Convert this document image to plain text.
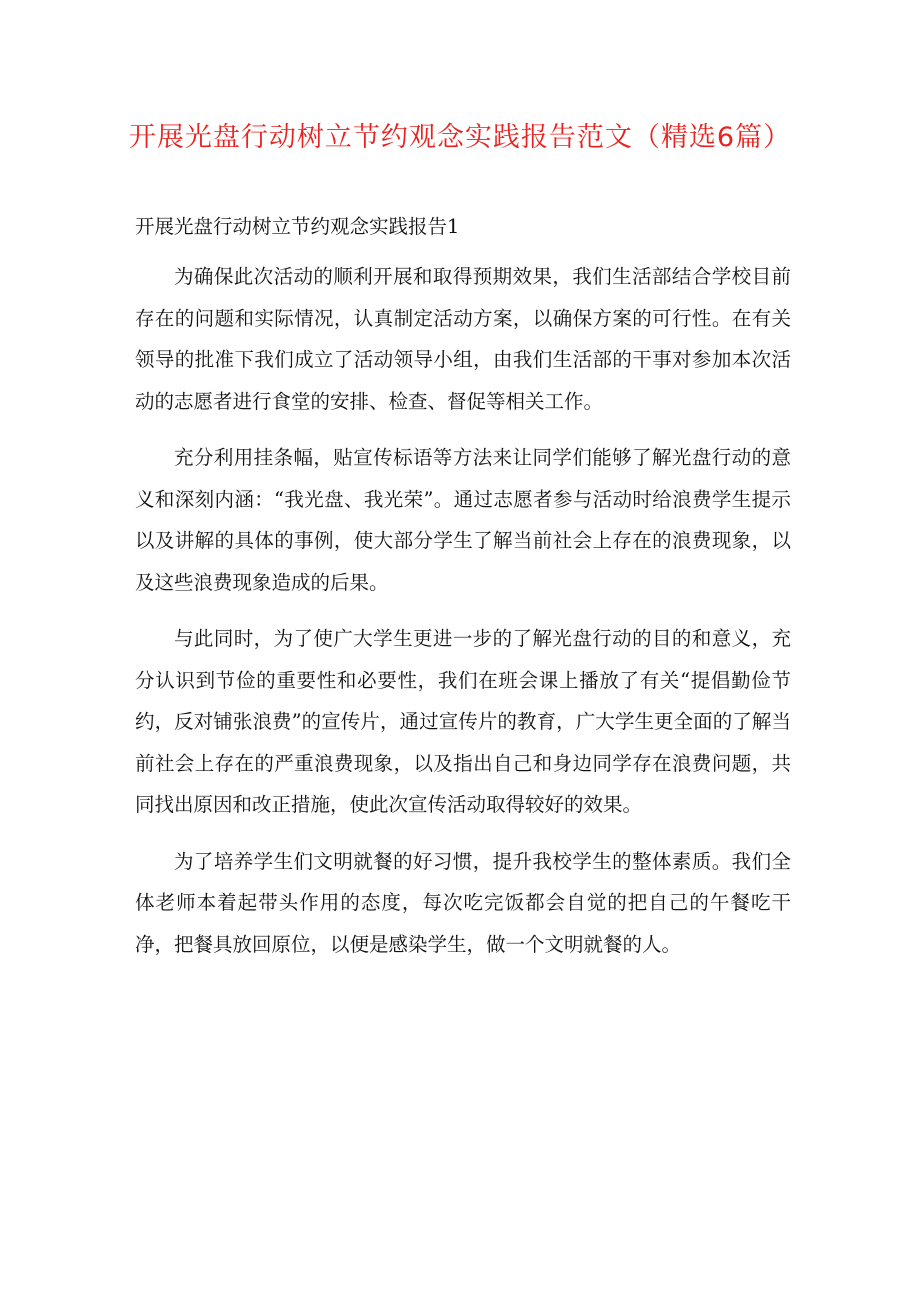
开展光盘行动树立节约观念实践报告范文（精选6篇）
开展光盘行动树立节约观念实践报告1

为确保此次活动的顺利开展和取得预期效果，我们生活部结合学校目前存在的问题和实际情况，认真制定活动方案，以确保方案的可行性。在有关领导的批准下我们成立了活动领导小组，由我们生活部的干事对参加本次活动的志愿者进行食堂的安排、检查、督促等相关工作。

充分利用挂条幅，贴宣传标语等方法来让同学们能够了解光盘行动的意义和深刻内涵：“我光盘、我光荣”。通过志愿者参与活动时给浪费学生提示以及讲解的具体的事例，使大部分学生了解当前社会上存在的浪费现象，以及这些浪费现象造成的后果。

与此同时，为了使广大学生更进一步的了解光盘行动的目的和意义，充分认识到节俭的重要性和必要性，我们在班会课上播放了有关“提倡勤俭节约，反对铺张浪费”的宣传片，通过宣传片的教育，广大学生更全面的了解当前社会上存在的严重浪费现象，以及指出自己和身边同学存在浪费问题，共同找出原因和改正措施，使此次宣传活动取得较好的效果。

为了培养学生们文明就餐的好习惯，提升我校学生的整体素质。我们全体老师本着起带头作用的态度，每次吃完饭都会自觉的把自己的午餐吃干净，把餐具放回原位，以便是感染学生，做一个文明就餐的人。
